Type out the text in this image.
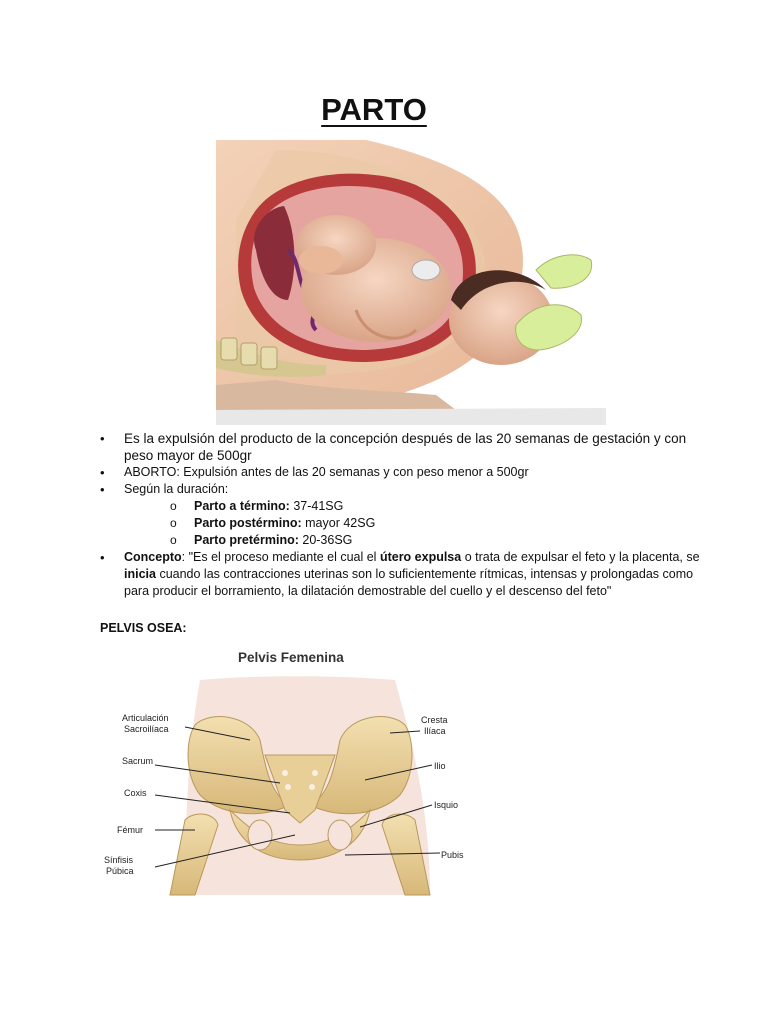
PARTO
• Es la expulsión del producto de la concepción después de las 20 semanas de gestación y con peso mayor de 500gr
• ABORTO: Expulsión antes de las 20 semanas y con peso menor a 500gr
• Según la duración:
o Parto a término: 37-41SG
o Parto postérmino: mayor 42SG
o Parto pretérmino: 20-36SG
• Concepto: "Es el proceso mediante el cual el útero expulsa o trata de expulsar el feto y la placenta, se inicia cuando las contracciones uterinas son lo suficientemente rítmicas, intensas y prolongadas como para producir el borramiento, la dilatación demostrable del cuello y el descenso del feto"
PELVIS OSEA:
Pelvis Femenina
Articulación
Sacroilíaca
Sacrum
Coxis
Fémur
Sínfisis
Púbica
Cresta
Ilíaca
Ilio
Isquio
Pubis
